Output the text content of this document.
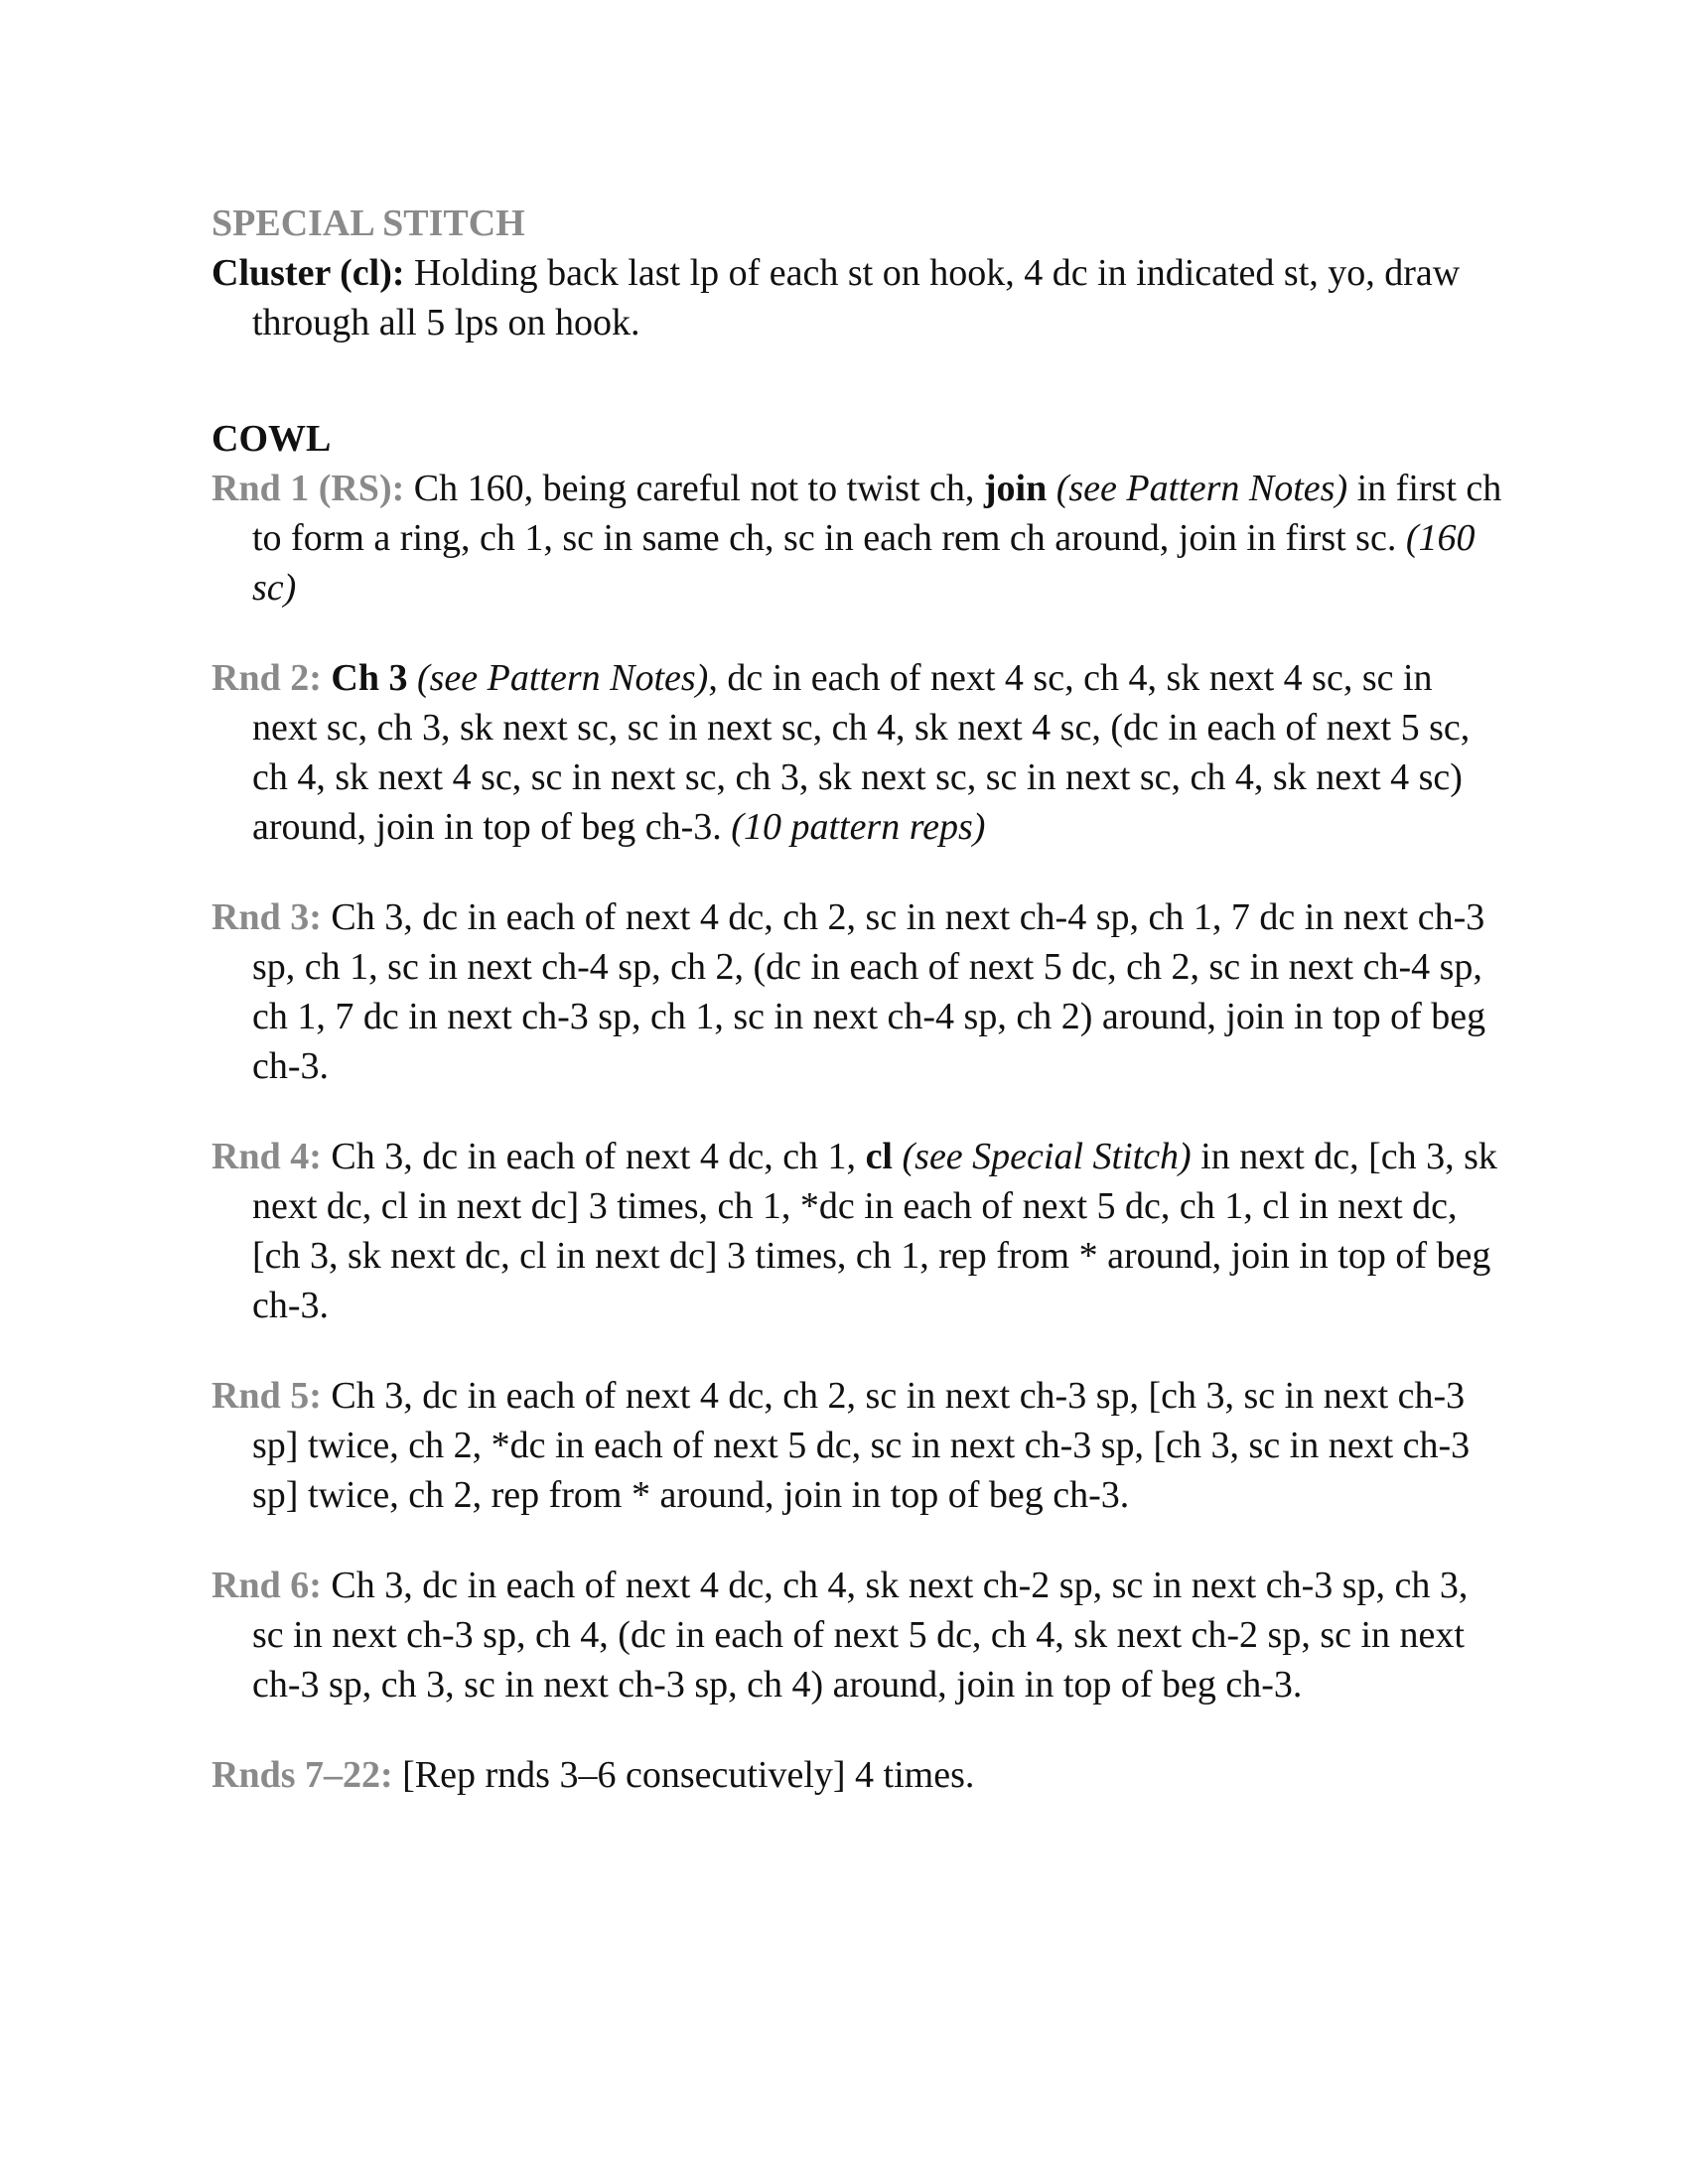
SPECIAL STITCH

Cluster (cl): Holding back last lp of each st on hook, 4 dc in indicated st, yo, draw through all 5 lps on hook.

COWL

Rnd 1 (RS): Ch 160, being careful not to twist ch, join (see Pattern Notes) in first ch to form a ring, ch 1, sc in same ch, sc in each rem ch around, join in first sc. (160 sc)

Rnd 2: Ch 3 (see Pattern Notes), dc in each of next 4 sc, ch 4, sk next 4 sc, sc in next sc, ch 3, sk next sc, sc in next sc, ch 4, sk next 4 sc, (dc in each of next 5 sc, ch 4, sk next 4 sc, sc in next sc, ch 3, sk next sc, sc in next sc, ch 4, sk next 4 sc) around, join in top of beg ch-3. (10 pattern reps)

Rnd 3: Ch 3, dc in each of next 4 dc, ch 2, sc in next ch-4 sp, ch 1, 7 dc in next ch-3 sp, ch 1, sc in next ch-4 sp, ch 2, (dc in each of next 5 dc, ch 2, sc in next ch-4 sp, ch 1, 7 dc in next ch-3 sp, ch 1, sc in next ch-4 sp, ch 2) around, join in top of beg ch-3.

Rnd 4: Ch 3, dc in each of next 4 dc, ch 1, cl (see Special Stitch) in next dc, [ch 3, sk next dc, cl in next dc] 3 times, ch 1, *dc in each of next 5 dc, ch 1, cl in next dc, [ch 3, sk next dc, cl in next dc] 3 times, ch 1, rep from * around, join in top of beg ch-3.

Rnd 5: Ch 3, dc in each of next 4 dc, ch 2, sc in next ch-3 sp, [ch 3, sc in next ch-3 sp] twice, ch 2, *dc in each of next 5 dc, sc in next ch-3 sp, [ch 3, sc in next ch-3 sp] twice, ch 2, rep from * around, join in top of beg ch-3.

Rnd 6: Ch 3, dc in each of next 4 dc, ch 4, sk next ch-2 sp, sc in next ch-3 sp, ch 3, sc in next ch-3 sp, ch 4, (dc in each of next 5 dc, ch 4, sk next ch-2 sp, sc in next ch-3 sp, ch 3, sc in next ch-3 sp, ch 4) around, join in top of beg ch-3.

Rnds 7–22: [Rep rnds 3–6 consecutively] 4 times.
